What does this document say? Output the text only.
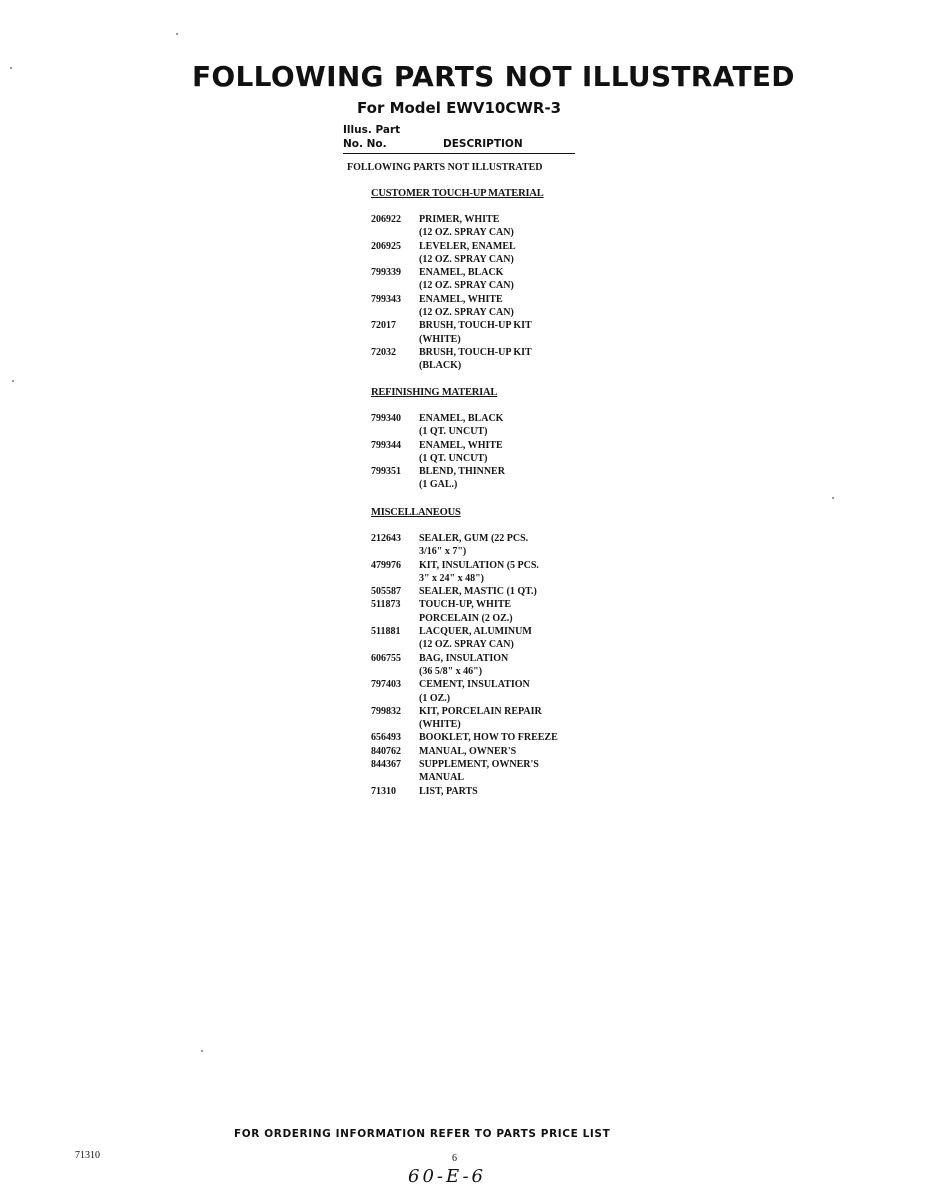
FOLLOWING PARTS NOT ILLUSTRATED
For Model EWV10CWR-3
Illus. Part
No. No.	DESCRIPTION
FOLLOWING PARTS NOT ILLUSTRATED
CUSTOMER TOUCH-UP MATERIAL
206922	PRIMER, WHITE
(12 OZ. SPRAY CAN)
206925	LEVELER, ENAMEL
(12 OZ. SPRAY CAN)
799339	ENAMEL, BLACK
(12 OZ. SPRAY CAN)
799343	ENAMEL, WHITE
(12 OZ. SPRAY CAN)
72017	BRUSH, TOUCH-UP KIT
(WHITE)
72032	BRUSH, TOUCH-UP KIT
(BLACK)
REFINISHING MATERIAL
799340	ENAMEL, BLACK
(1 QT. UNCUT)
799344	ENAMEL, WHITE
(1 QT. UNCUT)
799351	BLEND, THINNER
(1 GAL.)
MISCELLANEOUS
212643	SEALER, GUM (22 PCS.
3/16" x 7")
479976	KIT, INSULATION (5 PCS.
3" x 24" x 48")
505587	SEALER, MASTIC (1 QT.)
511873	TOUCH-UP, WHITE
PORCELAIN (2 OZ.)
511881	LACQUER, ALUMINUM
(12 OZ. SPRAY CAN)
606755	BAG, INSULATION
(36 5/8" x 46")
797403	CEMENT, INSULATION
(1 OZ.)
799832	KIT, PORCELAIN REPAIR
(WHITE)
656493	BOOKLET, HOW TO FREEZE
840762	MANUAL, OWNER'S
844367	SUPPLEMENT, OWNER'S
MANUAL
71310	LIST, PARTS
FOR ORDERING INFORMATION REFER TO PARTS PRICE LIST
71310	6
60-E-6
